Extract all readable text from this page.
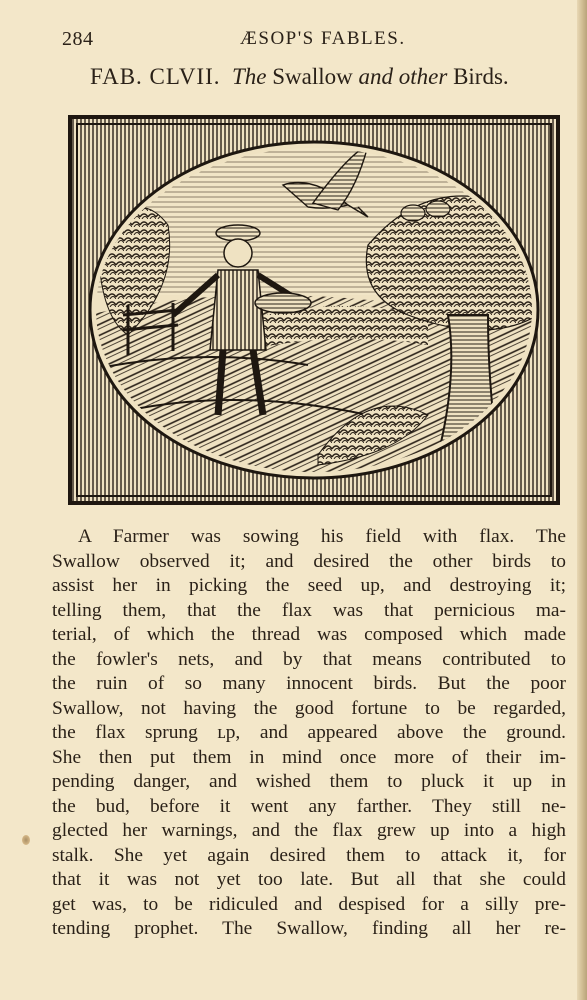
284	ÆSOP'S FABLES.
FAB. CLVII. The Swallow and other Birds.
A Farmer was sowing his field with flax. The
Swallow observed it; and desired the other birds to
assist her in picking the seed up, and destroying it;
telling them, that the flax was that pernicious ma-
terial, of which the thread was composed which made
the fowler's nets, and by that means contributed to
the ruin of so many innocent birds. But the poor
Swallow, not having the good fortune to be regarded,
the flax sprung ʟp, and appeared above the ground.
She then put them in mind once more of their im-
pending danger, and wished them to pluck it up in
the bud, before it went any farther. They still ne-
glected her warnings, and the flax grew up into a high
stalk. She yet again desired them to attack it, for
that it was not yet too late. But all that she could
get was, to be ridiculed and despised for a silly pre-
tending prophet. The Swallow, finding all her re-
